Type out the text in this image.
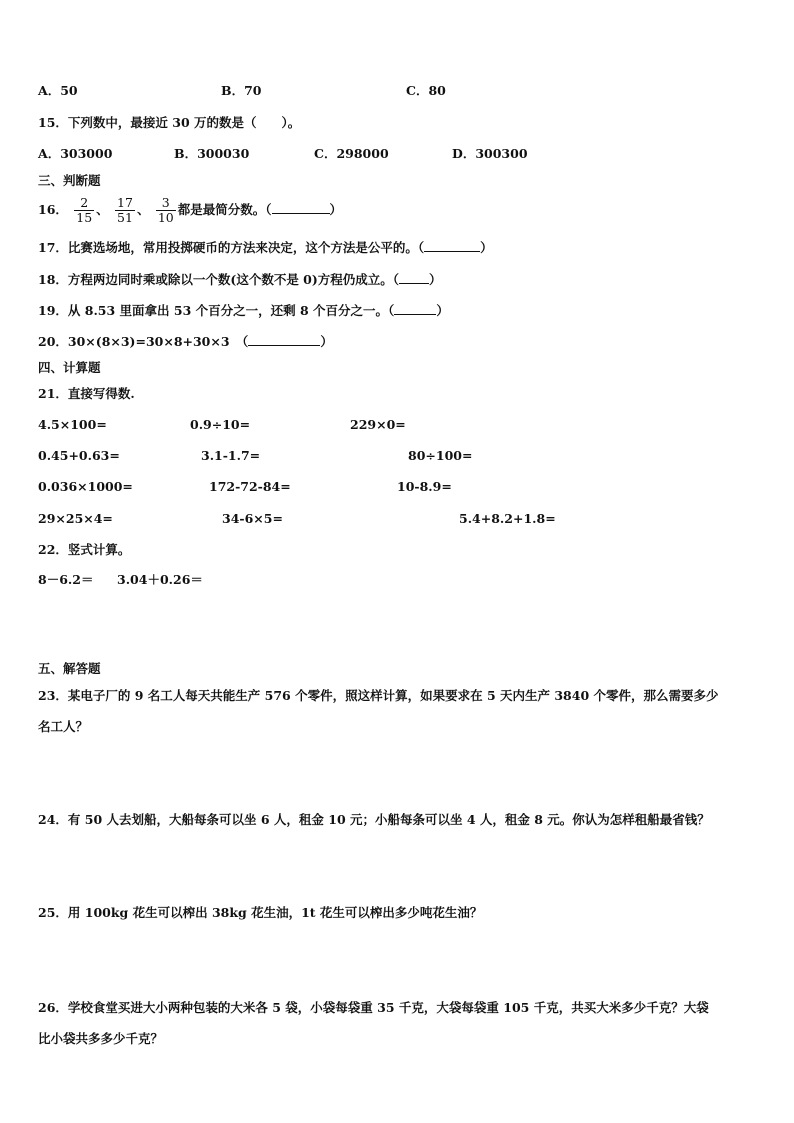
A．50	B．70	C．80
15．下列数中，最接近 30 万的数是（　　）。
A．303000	B．300030	C．298000	D．300300
三、判断题
16． $\frac{2}{15}$ 、 $\frac{17}{51}$ 、 $\frac{3}{10}$ 都是最简分数。（	）
17．比赛选场地，常用投掷硬币的方法来决定，这个方法是公平的。（	）
18．方程两边同时乘或除以一个数(这个数不是 0)方程仍成立。（ ）
19．从 8.53 里面拿出 53 个百分之一，还剩 8 个百分之一。（	）
20．30×(8×3)=30×8+30×3　（	）
四、计算题
21．直接写得数.
4.5×100=	0.9÷10=	229×0=
0.45+0.63=	3.1-1.7=	80÷100=
0.036×1000=	172-72-84=	10-8.9=
29×25×4=	34-6×5=	5.4+8.2+1.8=
22．竖式计算。
8－6.2＝ 3.04＋0.26＝
五、解答题
23．某电子厂的 9 名工人每天共能生产 576 个零件，照这样计算，如果要求在 5 天内生产 3840 个零件，那么需要多少
名工人？
24．有 50 人去划船，大船每条可以坐 6 人，租金 10 元；小船每条可以坐 4 人，租金 8 元。你认为怎样租船最省钱？
25．用 100kg 花生可以榨出 38kg 花生油，1t 花生可以榨出多少吨花生油？
26．学校食堂买进大小两种包装的大米各 5 袋，小袋每袋重 35 千克，大袋每袋重 105 千克，共买大米多少千克？大袋
比小袋共多多少千克？
